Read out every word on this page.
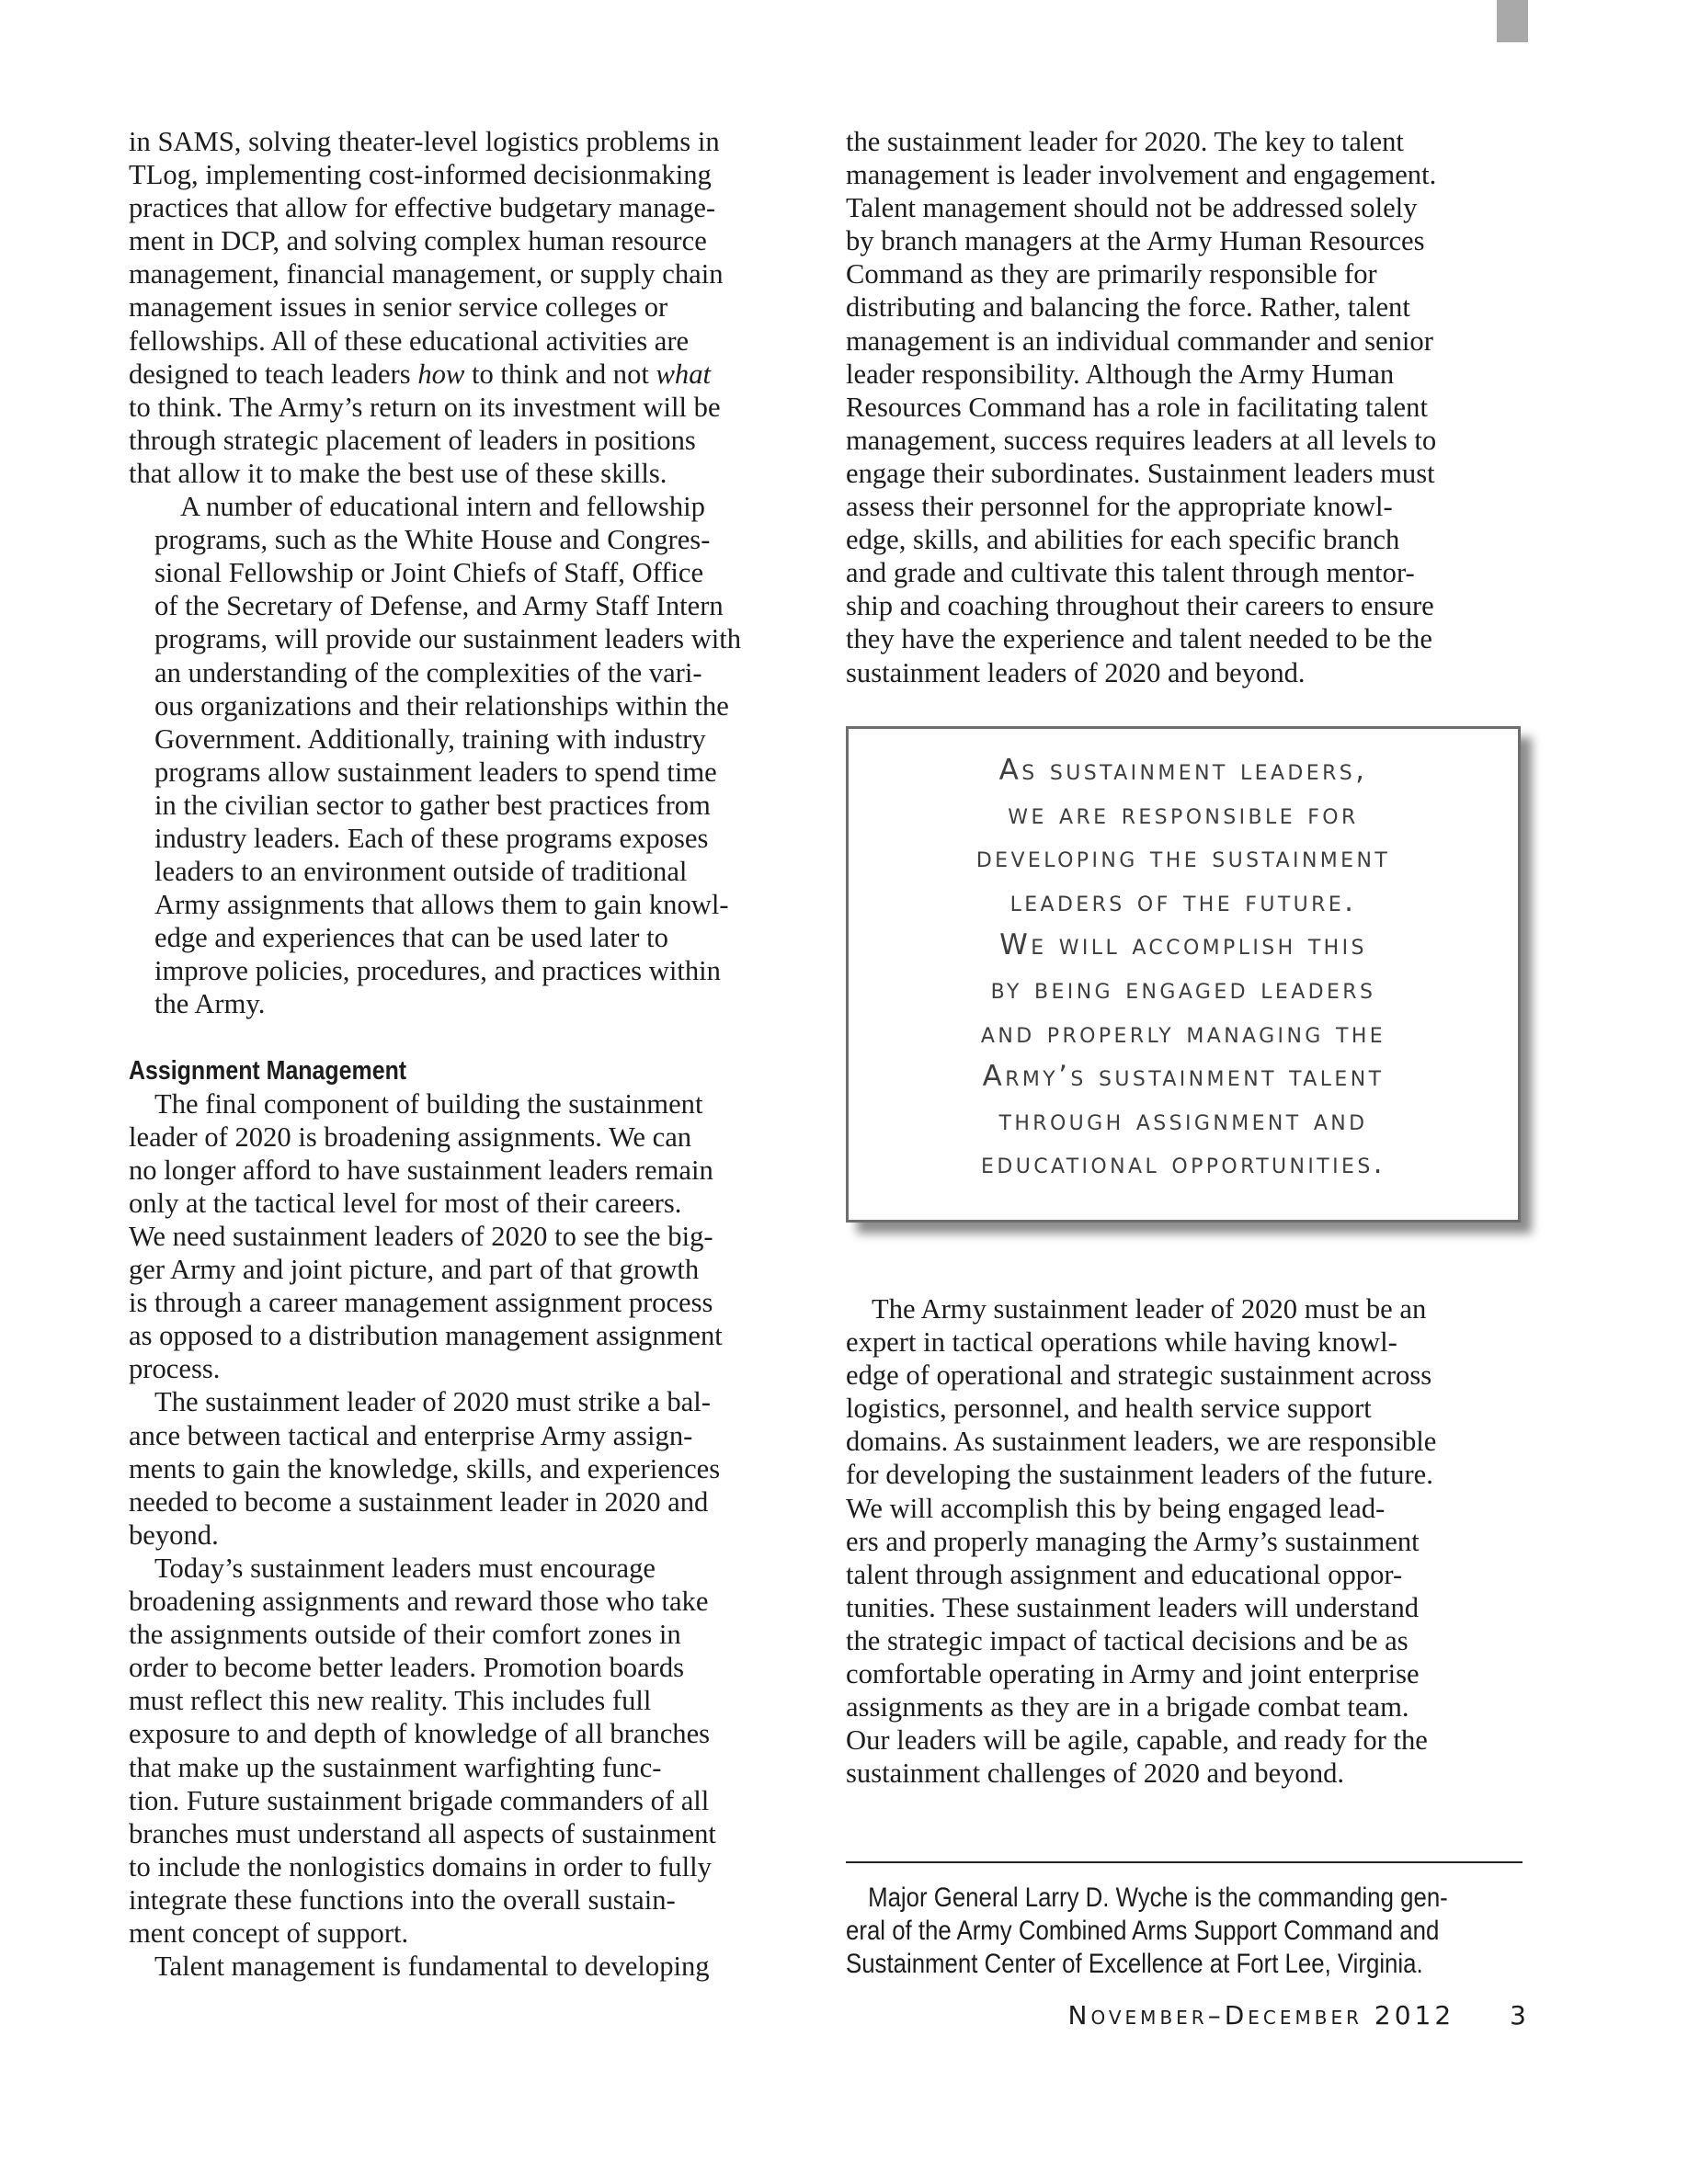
in SAMS, solving theater-level logistics problems in
TLog, implementing cost-informed decisionmaking
practices that allow for effective budgetary manage-
ment in DCP, and solving complex human resource
management, financial management, or supply chain
management issues in senior service colleges or
fellowships. All of these educational activities are
designed to teach leaders how to think and not what
to think. The Army’s return on its investment will be
through strategic placement of leaders in positions
that allow it to make the best use of these skills.

A number of educational intern and fellowship
programs, such as the White House and Congres-
sional Fellowship or Joint Chiefs of Staff, Office
of the Secretary of Defense, and Army Staff Intern
programs, will provide our sustainment leaders with
an understanding of the complexities of the vari-
ous organizations and their relationships within the
Government. Additionally, training with industry
programs allow sustainment leaders to spend time
in the civilian sector to gather best practices from
industry leaders. Each of these programs exposes
leaders to an environment outside of traditional
Army assignments that allows them to gain knowl-
edge and experiences that can be used later to
improve policies, procedures, and practices within
the Army.

Assignment Management

The final component of building the sustainment
leader of 2020 is broadening assignments. We can
no longer afford to have sustainment leaders remain
only at the tactical level for most of their careers.
We need sustainment leaders of 2020 to see the big-
ger Army and joint picture, and part of that growth
is through a career management assignment process
as opposed to a distribution management assignment
process.

The sustainment leader of 2020 must strike a bal-
ance between tactical and enterprise Army assign-
ments to gain the knowledge, skills, and experiences
needed to become a sustainment leader in 2020 and
beyond.

Today’s sustainment leaders must encourage
broadening assignments and reward those who take
the assignments outside of their comfort zones in
order to become better leaders. Promotion boards
must reflect this new reality. This includes full
exposure to and depth of knowledge of all branches
that make up the sustainment warfighting func-
tion. Future sustainment brigade commanders of all
branches must understand all aspects of sustainment
to include the nonlogistics domains in order to fully
integrate these functions into the overall sustain-
ment concept of support.

Talent management is fundamental to developing

the sustainment leader for 2020. The key to talent
management is leader involvement and engagement.
Talent management should not be addressed solely
by branch managers at the Army Human Resources
Command as they are primarily responsible for
distributing and balancing the force. Rather, talent
management is an individual commander and senior
leader responsibility. Although the Army Human
Resources Command has a role in facilitating talent
management, success requires leaders at all levels to
engage their subordinates. Sustainment leaders must
assess their personnel for the appropriate knowl-
edge, skills, and abilities for each specific branch
and grade and cultivate this talent through mentor-
ship and coaching throughout their careers to ensure
they have the experience and talent needed to be the
sustainment leaders of 2020 and beyond.

As sustainment leaders,
we are responsible for
developing the sustainment
leaders of the future.
We will accomplish this
by being engaged leaders
and properly managing the
Army’s sustainment talent
through assignment and
educational opportunities.

The Army sustainment leader of 2020 must be an
expert in tactical operations while having knowl-
edge of operational and strategic sustainment across
logistics, personnel, and health service support
domains. As sustainment leaders, we are responsible
for developing the sustainment leaders of the future.
We will accomplish this by being engaged lead-
ers and properly managing the Army’s sustainment
talent through assignment and educational oppor-
tunities. These sustainment leaders will understand
the strategic impact of tactical decisions and be as
comfortable operating in Army and joint enterprise
assignments as they are in a brigade combat team.
Our leaders will be agile, capable, and ready for the
sustainment challenges of 2020 and beyond.

Major General Larry D. Wyche is the commanding gen-
eral of the Army Combined Arms Support Command and
Sustainment Center of Excellence at Fort Lee, Virginia.
November–December 2012 3
